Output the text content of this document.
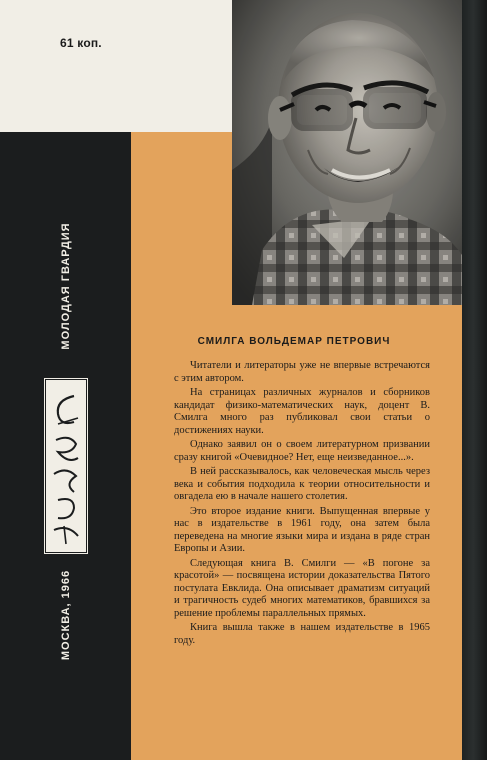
61 коп.
МОЛОДАЯ ГВАРДИЯ
МОСКВА, 1966
СМИЛГА ВОЛЬДЕМАР ПЕТРОВИЧ

Читатели и литераторы уже не впервые встречаются с этим автором.

На страницах различных журналов и сборников кандидат физико-математических наук, доцент В. Смилга много раз публиковал свои статьи о достижениях науки.

Однако заявил он о своем литературном призвании сразу книгой «Очевидное? Нет, еще неизведанное...».

В ней рассказывалось, как человеческая мысль через века и события подходила к теории относительности и овгадела ею в начале нашего столетия.

Это второе издание книги. Выпущенная впервые у нас в издательстве в 1961 году, она затем была переведена на многие языки мира и издана в ряде стран Европы и Азии.

Следующая книга В. Смилги — «В погоне за красотой» — посвящена истории доказательства Пятого постулата Евклида. Она описывает драматизм ситуаций и трагичность судеб многих математиков, бравшихся за решение проблемы параллельных прямых.

Книга вышла также в нашем издательстве в 1965 году.
